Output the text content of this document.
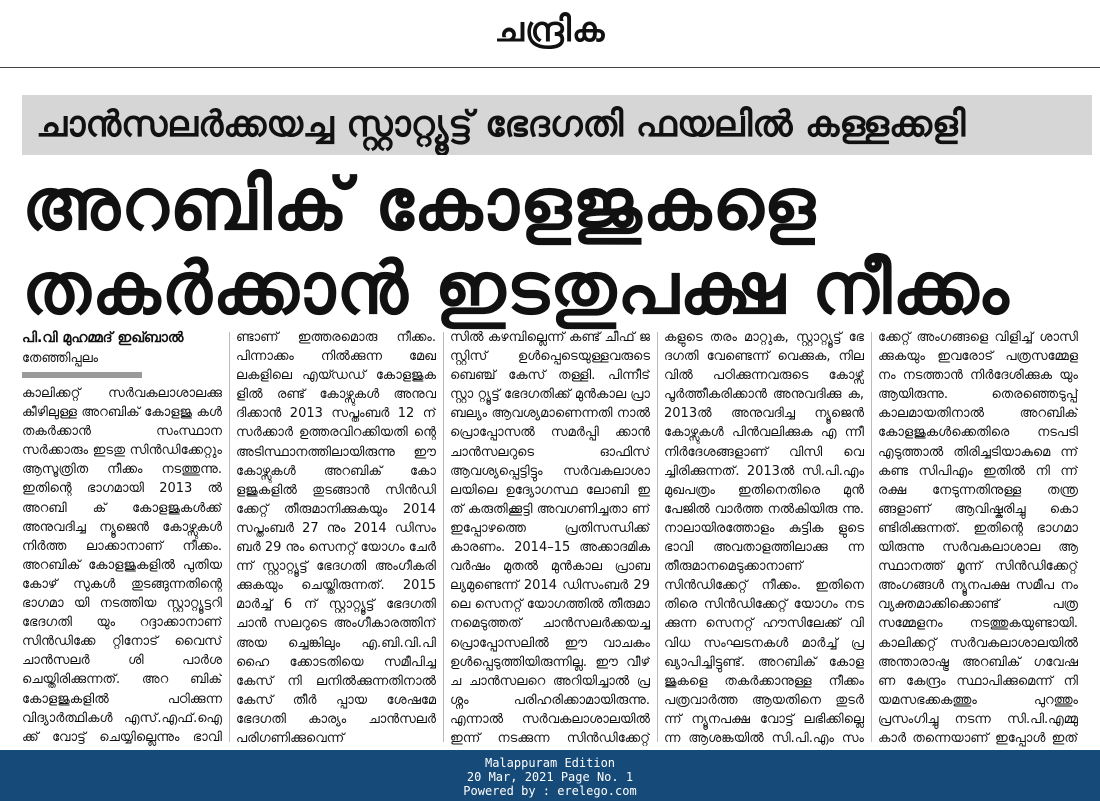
ചന്ദ്രിക
ചാൻസലർക്കയച്ച സ്റ്റാറ്റ്യൂട്ട് ഭേദഗതി ഫയലിൽ കള്ളക്കളി
അറബിക് കോളജുകളെ
തകർക്കാൻ ഇടതുപക്ഷ നീക്കം
പി.വി മുഹമ്മദ് ഇഖ്ബാൽ
തേഞ്ഞിപ്പലം

കാലിക്കറ്റ് സർവകലാശാലക്കു കീഴിലുള്ള അറബിക് കോളജു കൾ തകർക്കാൻ സംസ്ഥാന സർക്കാരും ഇടതു സിൻഡിക്കേറ്റും ആസൂത്രിത നീക്കം നടത്തുന്നു. ഇതിന്റെ ഭാഗമായി 2013 ൽ അറബി ക് കോളജുകൾക്ക് അനുവദിച്ച ന്യൂജെൻ കോഴ്സുകൾ നിർത്ത ലാക്കാനാണ് നീക്കം. അറബിക് കോളജുകളിൽ പുതിയ കോഴ് സുകൾ തുടങ്ങുന്നതിന്റെ ഭാഗമാ യി നടത്തിയ സ്റ്റാറ്റ്യൂട്ടറി ഭേദഗതി യും റദ്ദാക്കാനാണ് സിൻഡിക്കേ റ്റിനോട് വൈസ് ചാൻസലർ ശി പാർശ ചെയ്തിരിക്കുന്നത്. അറ ബിക് കോളജുകളിൽ പഠിക്കുന്ന വിദ്യാർത്ഥികൾ എസ്.എഫ്.ഐ ക്ക് വോട്ട് ചെയ്യില്ലെന്നും ഭാവി

ണ്ടാണ് ഇത്തരമൊരു നീക്കം. പിന്നാക്കം നിൽക്കുന്ന മേഖ ലകളിലെ എയ്ഡഡ് കോളജുക ളിൽ രണ്ട് കോഴ്സുകൾ അനുവ ദിക്കാൻ 2013 സപ്തംബർ 12 ന് സർക്കാർ ഉത്തരവിറക്കിയതി ന്റെ അടിസ്ഥാനത്തിലായിരുന്നു ഈ കോഴ്സുകൾ അറബിക് കോ ളജുകളിൽ തുടങ്ങാൻ സിൻഡി ക്കേറ്റ് തീരുമാനിക്കുകയും 2014 സപ്തംബർ 27 നും 2014 ഡിസം ബർ 29 നും സെനറ്റ് യോഗം ചേർ ന്ന് സ്റ്റാറ്റ്യൂട്ട് ഭേദഗതി അംഗീകരി ക്കുകയും ചെയ്തിരുന്നത്. 2015 മാർച്ച് 6 ന് സ്റ്റാറ്റ്യൂട്ട് ഭേദഗതി ചാൻ സലറുടെ അംഗീകാരത്തിന് അയ ച്ചെങ്കിലും എ.ബി.വി.പി ഹൈ ക്കോടതിയെ സമീപിച്ച കേസ് നി ലനിൽക്കുന്നതിനാൽ കേസ് തീർ പ്പായ ശേഷമേ ഭേദഗതി കാര്യം ചാൻസലർ പരിഗണിക്കുവെന്ന്

സിൽ കഴമ്പില്ലെന്ന് കണ്ട് ചീഫ് ജ സ്റ്റിസ് ഉൾപ്പെടെയുള്ളവരുടെ ബെഞ്ച് കേസ് തള്ളി. പിന്നീട് സ്റ്റാ റ്റ്യൂട്ട് ഭേദഗതിക്ക് മുൻകാല പ്രാ ബല്യം ആവശ്യമാണെന്നതി നാൽ പ്രൊപ്പോസൽ സമർപ്പി ക്കാൻ ചാൻസലറുടെ ഓഫിസ് ആവശ്യപ്പെട്ടിട്ടും സർവകലാശാ ലയിലെ ഉദ്യോഗസ്ഥ ലോബി ഇ ത് കരുതിക്കൂട്ടി അവഗണിച്ചതാ ണ് ഇപ്പോഴത്തെ പ്രതിസന്ധിക്ക് കാരണം. 2014–15 അക്കാദമിക വർഷം മുതൽ മുൻകാല പ്രാബ ല്യമുണ്ടെന്ന് 2014 ഡിസംബർ 29 ലെ സെനറ്റ് യോഗത്തിൽ തീരുമാ നമെടുത്തത് ചാൻസലർക്കയച്ച പ്രൊപ്പോസലിൽ ഈ വാചകം ഉൾപ്പെടുത്തിയിരുന്നില്ല. ഈ വീഴ് ച ചാൻസലറെ അറിയിച്ചാൽ പ്ര ശ്നം പരിഹരിക്കാമായിരുന്നു. എന്നാൽ സർവകലാശാലയിൽ ഇന്ന് നടക്കുന്ന സിൻഡിക്കേറ്റ്

കളുടെ തരം മാറ്റുക, സ്റ്റാറ്റ്യൂട്ട് ഭേ ദഗതി വേണ്ടെന്ന് വെക്കുക, നില വിൽ പഠിക്കുന്നവരുടെ കോഴ്സ് പൂർത്തീകരിക്കാൻ അനുവദിക്കു ക, 2013ൽ അനുവദിച്ച ന്യൂജെൻ കോഴ്സുകൾ പിൻവലിക്കുക എ ന്നീ നിർദേശങ്ങളാണ് വിസി വെ ച്ചിരിക്കുന്നത്. 2013ൽ സി.പി.എം മുഖപത്രം ഇതിനെതിരെ മുൻ പേജിൽ വാർത്ത നൽകിയിരു ന്നു. നാലായിരത്തോളം കുട്ടിക ളുടെ ഭാവി അവതാളത്തിലാക്കു ന്ന തീരുമാനമെടുക്കാനാണ് സിൻഡിക്കേറ്റ് നീക്കം. ഇതിനെ തിരെ സിൻഡിക്കേറ്റ് യോഗം നട ക്കുന്ന സെനറ്റ് ഹൗസിലേക്ക് വി വിധ സംഘടനകൾ മാർച്ച് പ്ര ഖ്യാപിച്ചിട്ടുണ്ട്. അറബിക് കോള ജുകളെ തകർക്കാനുള്ള നീക്കം പത്രവാർത്ത ആയതിനെ തുടർ ന്ന് ന്യൂനപക്ഷ വോട്ട് ലഭിക്കില്ലെ ന്ന ആശങ്കയിൽ സി.പി.എം സം

ക്കേറ്റ് അംഗങ്ങളെ വിളിച്ച് ശാസി ക്കുകയും ഇവരോട് പത്രസമ്മേള നം നടത്താൻ നിർദേശിക്കുക യും ആയിരുന്നു. തെരഞ്ഞെടുപ്പ് കാലമായതിനാൽ അറബിക് കോളജുകൾക്കെതിരെ നടപടി എടുത്താൽ തിരിച്ചടിയാകുമെ ന്ന് കണ്ട സിപിഎം ഇതിൽ നി ന്ന് രക്ഷ നേടുന്നതിനുള്ള തന്ത്ര ങ്ങളാണ് ആവിഷ്കരിച്ചു കൊ ണ്ടിരിക്കുന്നത്. ഇതിന്റെ ഭാഗമാ യിരുന്നു സർവകലാശാല ആ സ്ഥാനത്ത് മൂന്ന് സിൻഡിക്കേറ്റ് അംഗങ്ങൾ ന്യൂനപക്ഷ സമീപ നം വ്യക്തമാക്കിക്കൊണ്ട് പത്ര സമ്മേളനം നടത്തുകയുണ്ടായി. കാലിക്കറ്റ് സർവകലാശാലയിൽ അന്താരാഷ്ട്ര അറബിക് ഗവേഷ ണ കേന്ദ്രം സ്ഥാപിക്കുമെന്ന് നി യമസഭക്കകത്തും പുറത്തും പ്രസംഗിച്ചു നടന്ന സി.പി.എമ്മു കാർ തന്നെയാണ് ഇപ്പോൾ ഇത്

Malappuram Edition
20 Mar, 2021 Page No. 1
Powered by : erelego.com
